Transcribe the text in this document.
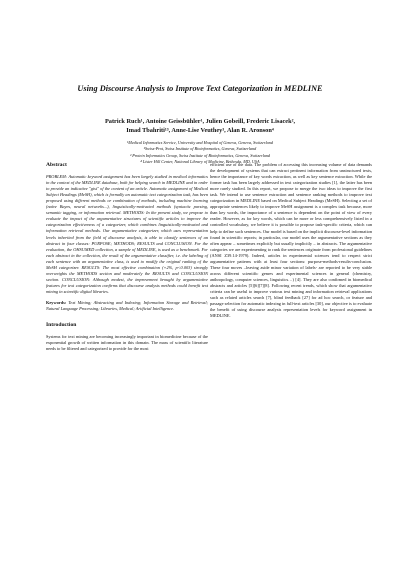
Using Discourse Analysis to Improve Text Categorization in MEDLINE
Patrick Ruch¹, Antoine Geissbühler¹, Julien Gobeill, Frederic Lisacek²,
Imad Tbahriti¹³, Anne-Lise Veuthey³, Alan R. Aronson⁴
¹Medical Informatics Service, University and Hospital of Geneva, Geneva, Switzerland
²Swiss-Prot, Swiss Institute of Bioinformatics, Geneva, Switzerland
³ Protein Informatics Group, Swiss Institute of Bioinformatics, Geneva, Switzerland
⁴ Lister Hill Center, National Library of Medicine, Bethesda, MD, USA
Abstract

PROBLEM: Automatic keyword assignment has been largely studied in medical informatics in the context of the MEDLINE database, both for helping search in MEDLINE and in order to provide an indicative "gist" of the content of an article. Automatic assignment of Medical Subject Headings (MeSH), which is formally an automatic text categorization task, has been proposed using different methods or combination of methods, including machine learning (naïve Bayes, neural networks...), linguistically-motivated methods (syntactic parsing, semantic tagging, or information retrieval. METHODS: In the present study, we propose to evaluate the impact of the argumentative structures of scientific articles to improve the categorization effectiveness of a categorizer, which combines linguistically-motivated and information retrieval methods. Our argumentative categorizer, which uses representation levels inherited from the field of discourse analysis, is able to classify sentences of an abstract in four classes: PURPOSE; METHODS; RESULTS and CONCLUSION. For the evaluation, the OHSUMED collection, a sample of MEDLINE, is used as a benchmark. For each abstract in the collection, the result of the argumentative classifier, i.e. the labeling of each sentence with an argumentative class, is used to modify the original ranking of the MeSH categorizer. RESULTS: The most effective combination (+2%, p<0.003) strongly overweights the METHODS section and moderately the RESULTS and CONCLUSION section. CONCLUSION: Although modest, the improvement brought by argumentative features for text categorization confirms that discourse analysis methods could benefit text mining in scientific digital libraries.

Keywords: Text Mining; Abstracting and Indexing; Information Storage and Retrieval; Natural Language Processing; Libraries, Medical; Artificial Intelligence.

Introduction

Systems for text mining are becoming increasingly important in biomedicine because of the exponential growth of written information in this domain. The mass of scientific literature needs to be filtered and categorized to provide for the most

efficient use of the data. The problem of accessing this increasing volume of data demands the development of systems that can extract pertinent information from unstructured texts, hence the importance of key words extraction, as well as key sentence extraction. While the former task has been largely addressed in text categorization studies [1], the latter has been more rarely studied. In this report, we propose to merge the two ideas to improve the first task. We intend to use sentence extraction and sentence ranking methods to improve text categorization in MEDLINE based on Medical Subject Headings (MeSH). Selecting a set of appropriate sentences likely to improve MeSH assignment is a complex task because, more than key words, the importance of a sentence is dependent on the point of view of every reader. However, as for key words, which can be more or less comprehensively listed in a controlled vocabulary, we believe it is possible to propose task-specific criteria, which can help to define such sentences. Our model is based on the implicit discourse-level information found in scientific reports; in particular, our model uses the argumentative sections as they often appear – sometimes explicitly but usually implicitly – in abstracts. The argumentative categories we are experimenting to rank the sentences originate from professional guidelines (ANSI Z39.14-1979). Indeed, articles in experimental sciences tend to respect strict argumentative patterns with at least four sections: purpose-methods-results-conclusion. These four moves –leaving aside minor variation of labels- are reported to be very stable across different scientific genres and experimental sciences in general (chemistry, anthropology, computer sciences, linguistics…) [4]. They are also confirmed in biomedical abstracts and articles [5][6][7][8]. Following recent trends, which show that argumentative criteria can be useful to improve various text mining and information retrieval applications such as related articles search [7], blind feedback [27] for ad hoc search, or feature and passage selection for automatic indexing in full-text articles [30], our objective is to evaluate the benefit of using discourse analysis representation levels for keyword assignment in MEDLINE.
